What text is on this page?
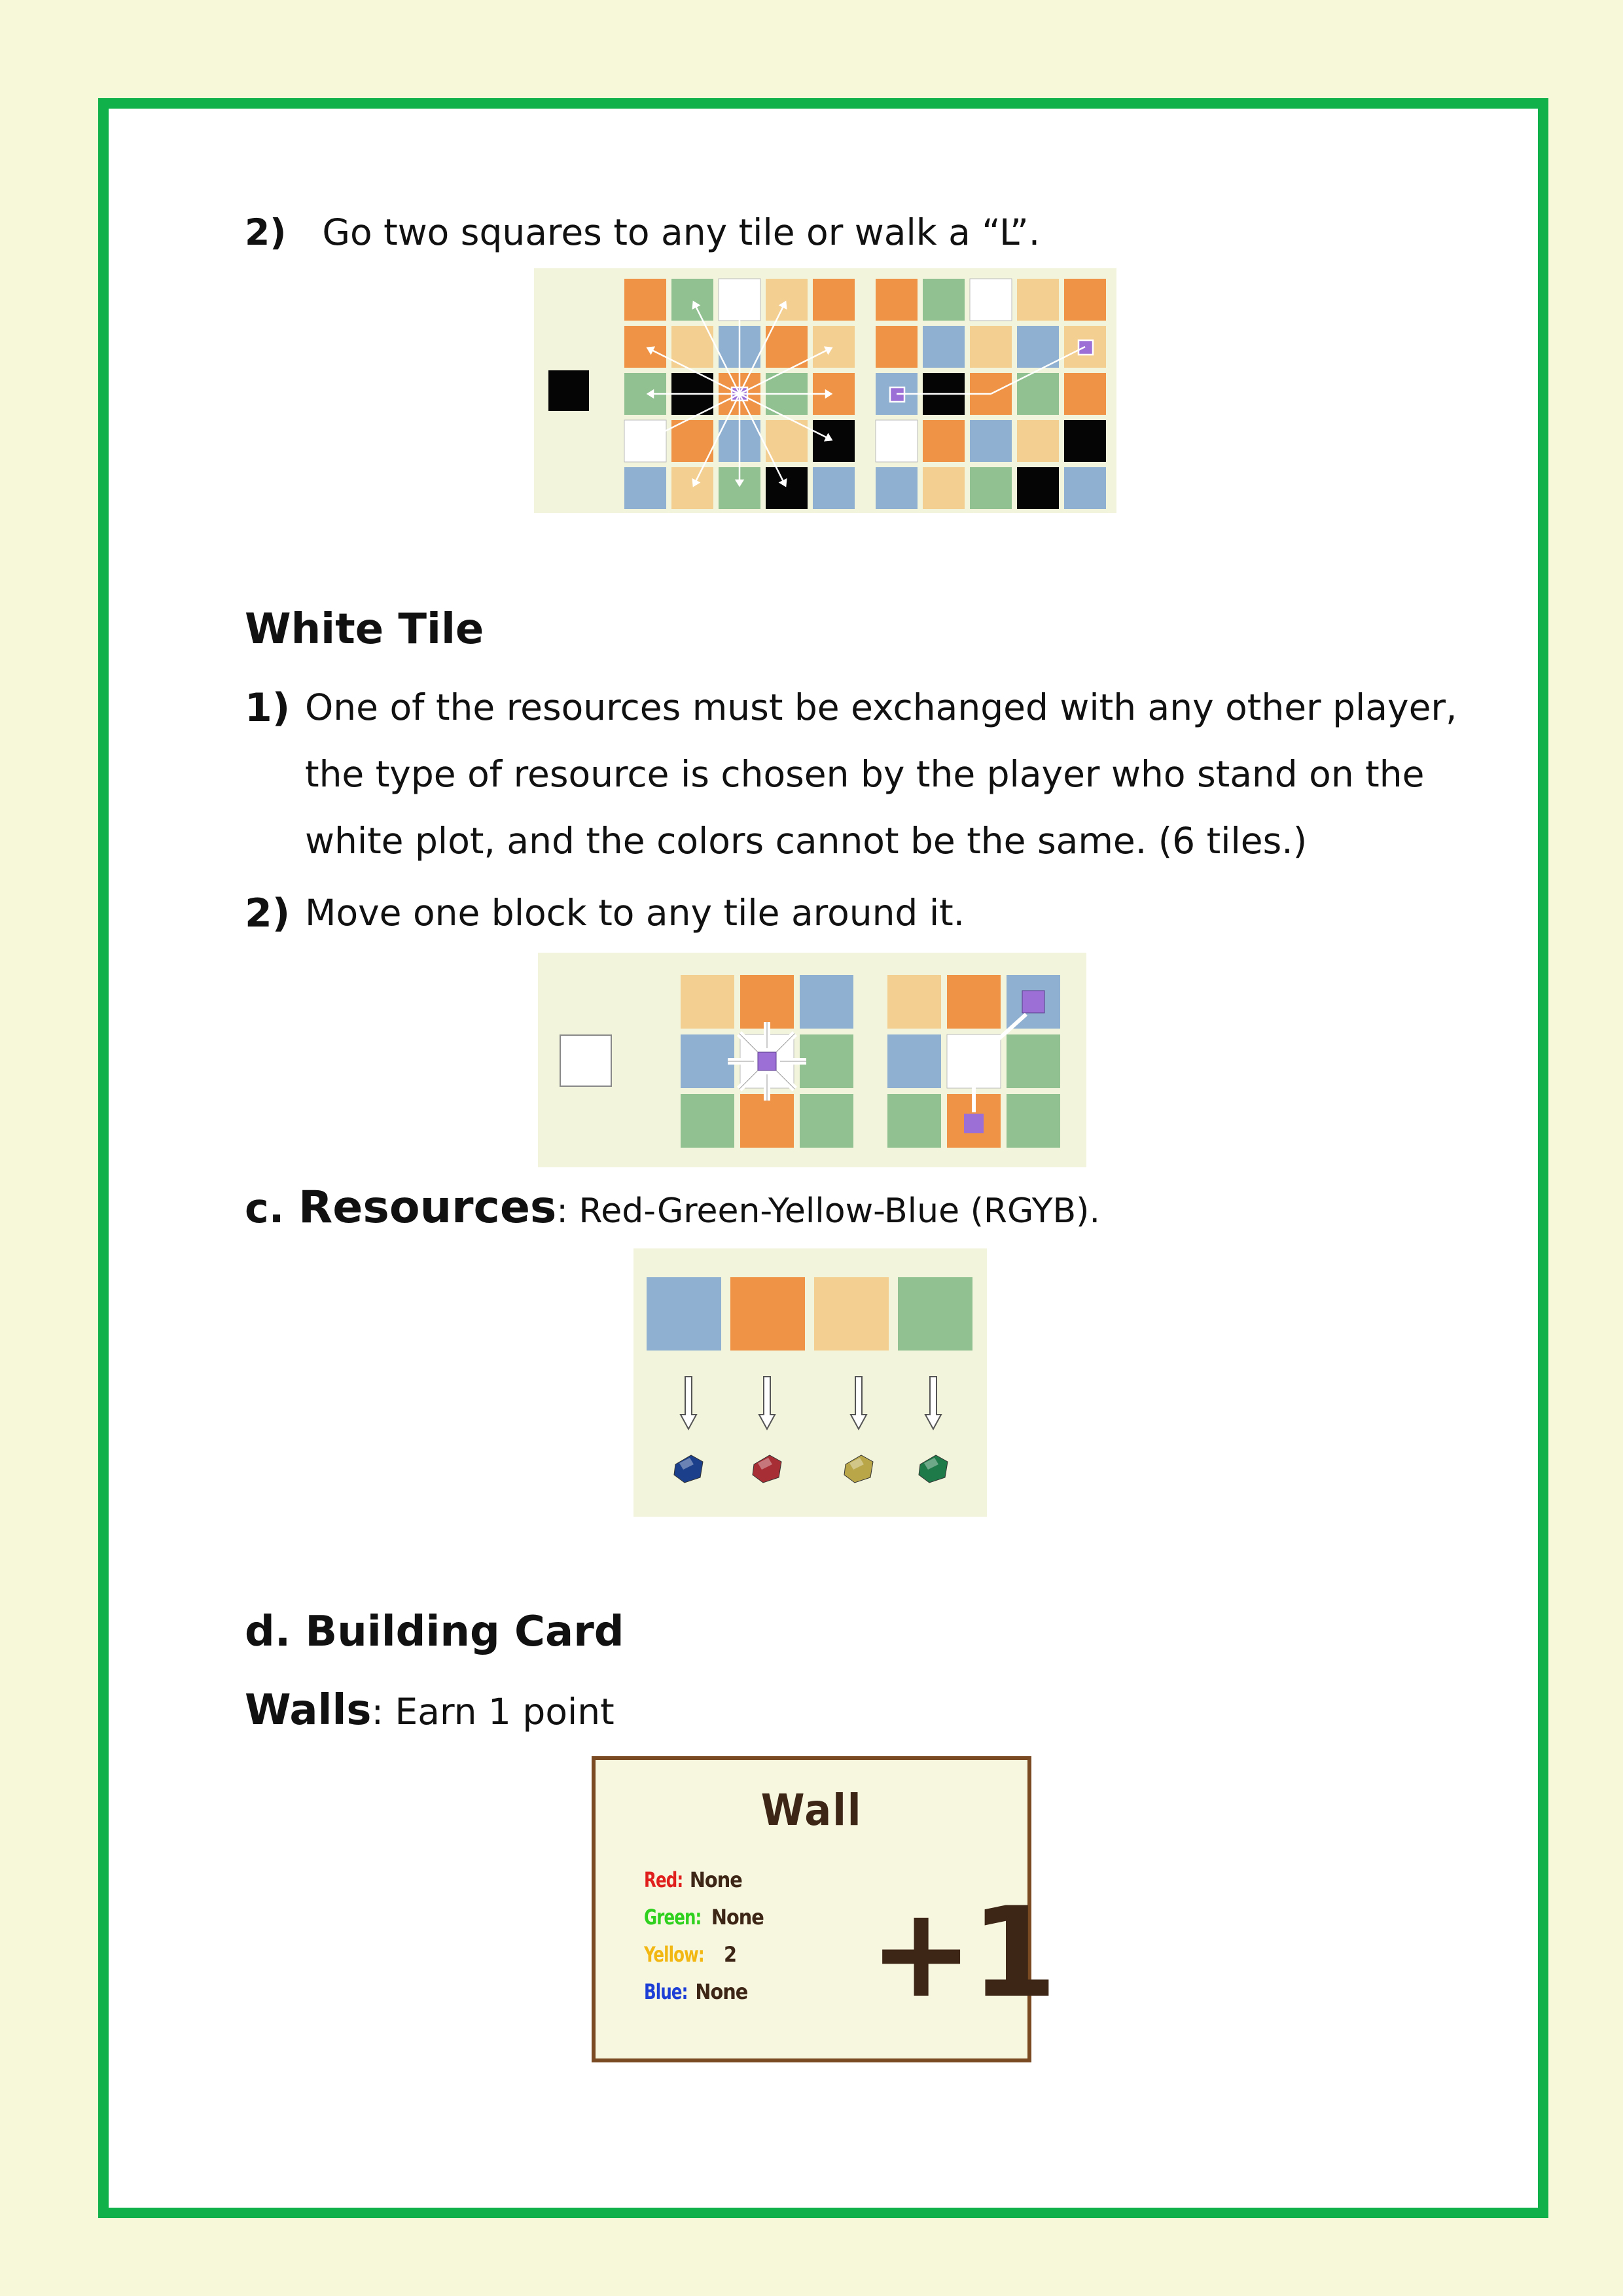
2) Go two squares to any tile or walk a “L”.
White Tile
1) One of the resources must be exchanged with any other player,
the type of resource is chosen by the player who stand on the
white plot, and the colors cannot be the same. (6 tiles.)
2) Move one block to any tile around it.
c. Resources: Red-Green-Yellow-Blue (RGYB).
d. Building Card
Walls: Earn 1 point
Wall
Red: None
Green: None
Yellow: 2
Blue: None +1
